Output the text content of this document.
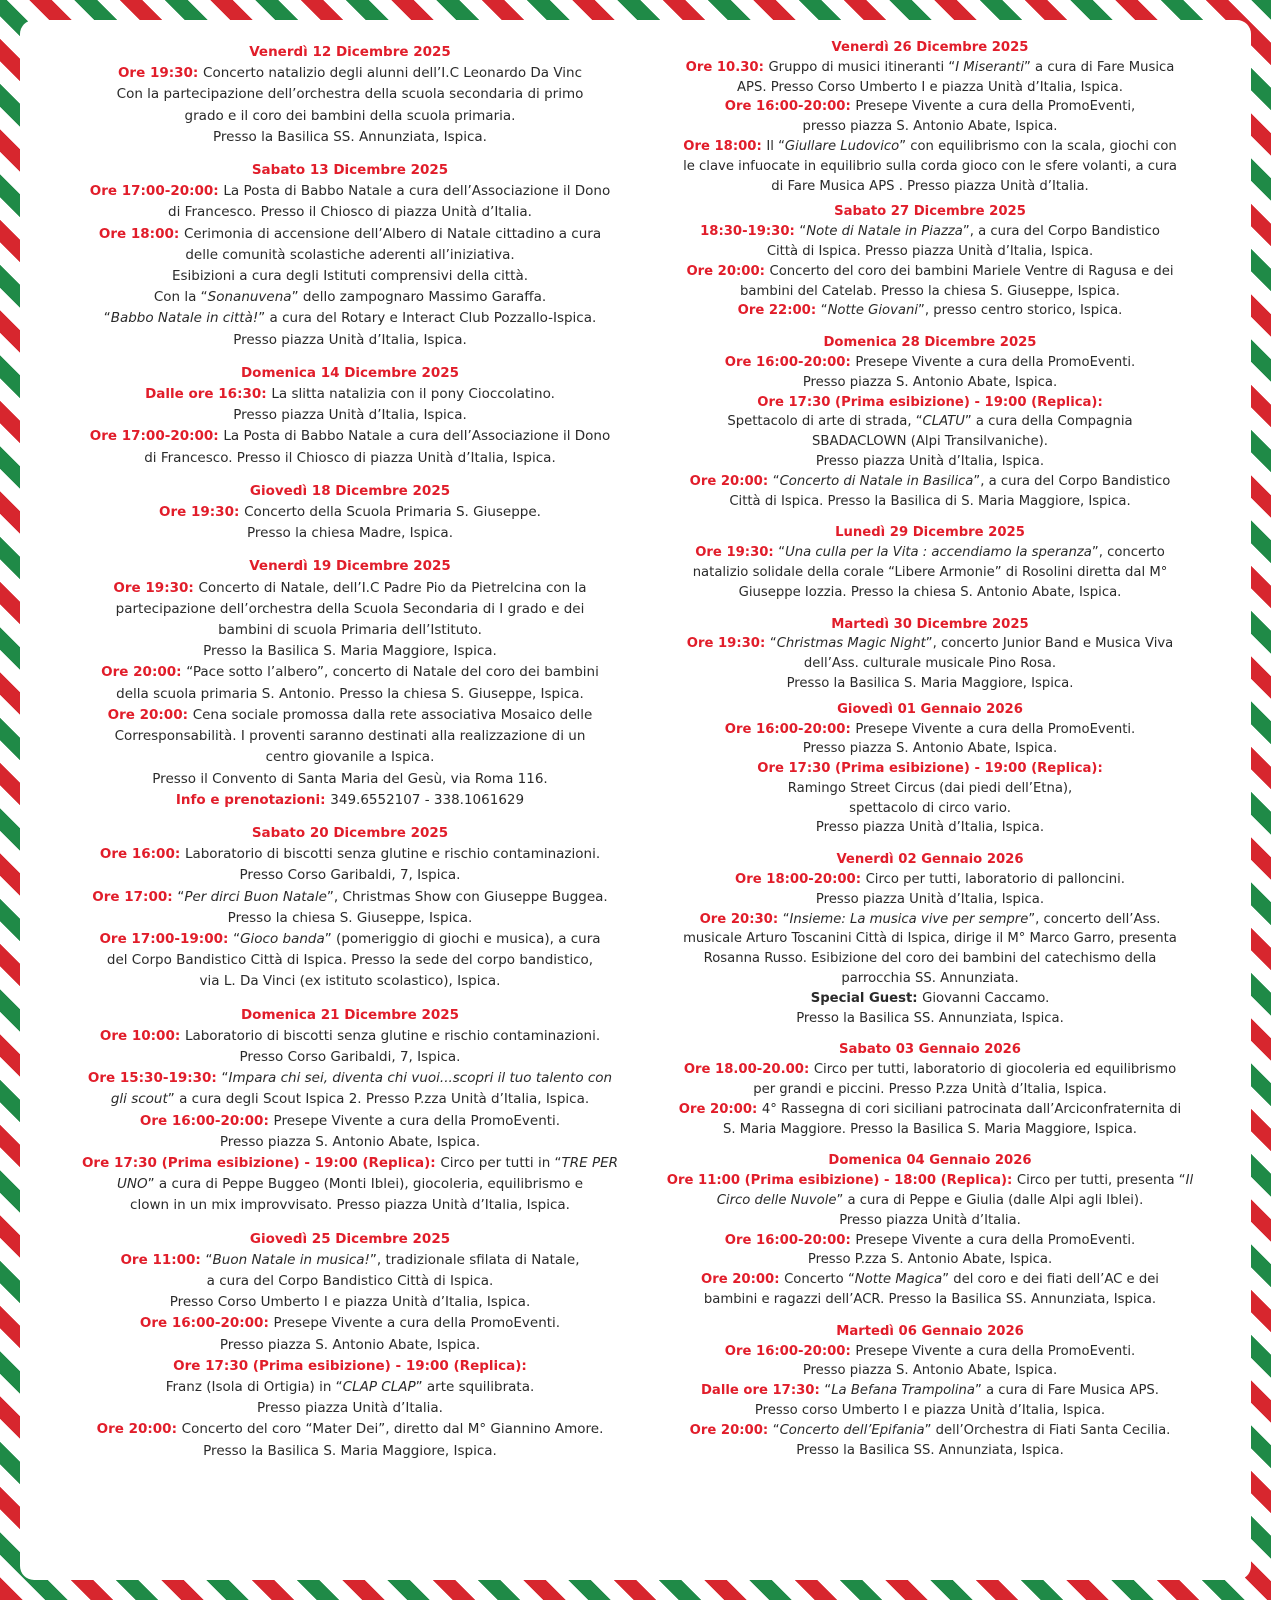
Venerdì 12 Dicembre 2025
Ore 19:30: Concerto natalizio degli alunni dell’I.C Leonardo Da Vinc
Con la partecipazione dell’orchestra della scuola secondaria di primo
grado e il coro dei bambini della scuola primaria.
Presso la Basilica SS. Annunziata, Ispica.
Sabato 13 Dicembre 2025
Ore 17:00-20:00: La Posta di Babbo Natale a cura dell’Associazione il Dono
di Francesco. Presso il Chiosco di piazza Unità d’Italia.
Ore 18:00: Cerimonia di accensione dell’Albero di Natale cittadino a cura
delle comunità scolastiche aderenti all’iniziativa.
Esibizioni a cura degli Istituti comprensivi della città.
Con la “Sonanuvena” dello zampognaro Massimo Garaffa.
“Babbo Natale in città!” a cura del Rotary e Interact Club Pozzallo-Ispica.
Presso piazza Unità d’Italia, Ispica.
Domenica 14 Dicembre 2025
Dalle ore 16:30: La slitta natalizia con il pony Cioccolatino.
Presso piazza Unità d’Italia, Ispica.
Ore 17:00-20:00: La Posta di Babbo Natale a cura dell’Associazione il Dono
di Francesco. Presso il Chiosco di piazza Unità d’Italia, Ispica.
Giovedì 18 Dicembre 2025
Ore 19:30: Concerto della Scuola Primaria S. Giuseppe.
Presso la chiesa Madre, Ispica.
Venerdì 19 Dicembre 2025
Ore 19:30: Concerto di Natale, dell’I.C Padre Pio da Pietrelcina con la
partecipazione dell’orchestra della Scuola Secondaria di I grado e dei
bambini di scuola Primaria dell’Istituto.
Presso la Basilica S. Maria Maggiore, Ispica.
Ore 20:00: “Pace sotto l’albero”, concerto di Natale del coro dei bambini
della scuola primaria S. Antonio. Presso la chiesa S. Giuseppe, Ispica.
Ore 20:00: Cena sociale promossa dalla rete associativa Mosaico delle
Corresponsabilità. I proventi saranno destinati alla realizzazione di un
centro giovanile a Ispica.
Presso il Convento di Santa Maria del Gesù, via Roma 116.
Info e prenotazioni: 349.6552107 - 338.1061629
Sabato 20 Dicembre 2025
Ore 16:00: Laboratorio di biscotti senza glutine e rischio contaminazioni.
Presso Corso Garibaldi, 7, Ispica.
Ore 17:00: “Per dirci Buon Natale”, Christmas Show con Giuseppe Buggea.
Presso la chiesa S. Giuseppe, Ispica.
Ore 17:00-19:00: “Gioco banda” (pomeriggio di giochi e musica), a cura
del Corpo Bandistico Città di Ispica. Presso la sede del corpo bandistico,
via L. Da Vinci (ex istituto scolastico), Ispica.
Domenica 21 Dicembre 2025
Ore 10:00: Laboratorio di biscotti senza glutine e rischio contaminazioni.
Presso Corso Garibaldi, 7, Ispica.
Ore 15:30-19:30: “Impara chi sei, diventa chi vuoi...scopri il tuo talento con
gli scout” a cura degli Scout Ispica 2. Presso P.zza Unità d’Italia, Ispica.
Ore 16:00-20:00: Presepe Vivente a cura della PromoEventi.
Presso piazza S. Antonio Abate, Ispica.
Ore 17:30 (Prima esibizione) - 19:00 (Replica): Circo per tutti in “TRE PER
UNO” a cura di Peppe Buggeo (Monti Iblei), giocoleria, equilibrismo e
clown in un mix improvvisato. Presso piazza Unità d’Italia, Ispica.
Giovedì 25 Dicembre 2025
Ore 11:00: “Buon Natale in musica!”, tradizionale sfilata di Natale,
a cura del Corpo Bandistico Città di Ispica.
Presso Corso Umberto I e piazza Unità d’Italia, Ispica.
Ore 16:00-20:00: Presepe Vivente a cura della PromoEventi.
Presso piazza S. Antonio Abate, Ispica.
Ore 17:30 (Prima esibizione) - 19:00 (Replica):
Franz (Isola di Ortigia) in “CLAP CLAP” arte squilibrata.
Presso piazza Unità d’Italia.
Ore 20:00: Concerto del coro “Mater Dei”, diretto dal M° Giannino Amore.
Presso la Basilica S. Maria Maggiore, Ispica.
Venerdì 26 Dicembre 2025
Ore 10.30: Gruppo di musici itineranti “I Miseranti” a cura di Fare Musica
APS. Presso Corso Umberto I e piazza Unità d’Italia, Ispica.
Ore 16:00-20:00: Presepe Vivente a cura della PromoEventi,
presso piazza S. Antonio Abate, Ispica.
Ore 18:00: Il “Giullare Ludovico” con equilibrismo con la scala, giochi con
le clave infuocate in equilibrio sulla corda gioco con le sfere volanti, a cura
di Fare Musica APS . Presso piazza Unità d’Italia.
Sabato 27 Dicembre 2025
18:30-19:30: “Note di Natale in Piazza”, a cura del Corpo Bandistico
Città di Ispica. Presso piazza Unità d’Italia, Ispica.
Ore 20:00: Concerto del coro dei bambini Mariele Ventre di Ragusa e dei
bambini del Catelab. Presso la chiesa S. Giuseppe, Ispica.
Ore 22:00: “Notte Giovani”, presso centro storico, Ispica.
Domenica 28 Dicembre 2025
Ore 16:00-20:00: Presepe Vivente a cura della PromoEventi.
Presso piazza S. Antonio Abate, Ispica.
Ore 17:30 (Prima esibizione) - 19:00 (Replica):
Spettacolo di arte di strada, “CLATU” a cura della Compagnia
SBADACLOWN (Alpi Transilvaniche).
Presso piazza Unità d’Italia, Ispica.
Ore 20:00: “Concerto di Natale in Basilica”, a cura del Corpo Bandistico
Città di Ispica. Presso la Basilica di S. Maria Maggiore, Ispica.
Lunedì 29 Dicembre 2025
Ore 19:30: “Una culla per la Vita : accendiamo la speranza”, concerto
natalizio solidale della corale “Libere Armonie” di Rosolini diretta dal M°
Giuseppe Iozzia. Presso la chiesa S. Antonio Abate, Ispica.
Martedì 30 Dicembre 2025
Ore 19:30: “Christmas Magic Night”, concerto Junior Band e Musica Viva
dell’Ass. culturale musicale Pino Rosa.
Presso la Basilica S. Maria Maggiore, Ispica.
Giovedì 01 Gennaio 2026
Ore 16:00-20:00: Presepe Vivente a cura della PromoEventi.
Presso piazza S. Antonio Abate, Ispica.
Ore 17:30 (Prima esibizione) - 19:00 (Replica):
Ramingo Street Circus (dai piedi dell’Etna),
spettacolo di circo vario.
Presso piazza Unità d’Italia, Ispica.
Venerdì 02 Gennaio 2026
Ore 18:00-20:00: Circo per tutti, laboratorio di palloncini.
Presso piazza Unità d’Italia, Ispica.
Ore 20:30: “Insieme: La musica vive per sempre”, concerto dell’Ass.
musicale Arturo Toscanini Città di Ispica, dirige il M° Marco Garro, presenta
Rosanna Russo. Esibizione del coro dei bambini del catechismo della
parrocchia SS. Annunziata.
Special Guest: Giovanni Caccamo.
Presso la Basilica SS. Annunziata, Ispica.
Sabato 03 Gennaio 2026
Ore 18.00-20.00: Circo per tutti, laboratorio di giocoleria ed equilibrismo
per grandi e piccini. Presso P.zza Unità d’Italia, Ispica.
Ore 20:00: 4° Rassegna di cori siciliani patrocinata dall’Arciconfraternita di
S. Maria Maggiore. Presso la Basilica S. Maria Maggiore, Ispica.
Domenica 04 Gennaio 2026
Ore 11:00 (Prima esibizione) - 18:00 (Replica): Circo per tutti, presenta “Il
Circo delle Nuvole” a cura di Peppe e Giulia (dalle Alpi agli Iblei).
Presso piazza Unità d’Italia.
Ore 16:00-20:00: Presepe Vivente a cura della PromoEventi.
Presso P.zza S. Antonio Abate, Ispica.
Ore 20:00: Concerto “Notte Magica” del coro e dei fiati dell’AC e dei
bambini e ragazzi dell’ACR. Presso la Basilica SS. Annunziata, Ispica.
Martedì 06 Gennaio 2026
Ore 16:00-20:00: Presepe Vivente a cura della PromoEventi.
Presso piazza S. Antonio Abate, Ispica.
Dalle ore 17:30: “La Befana Trampolina” a cura di Fare Musica APS.
Presso corso Umberto I e piazza Unità d’Italia, Ispica.
Ore 20:00: “Concerto dell’Epifania” dell’Orchestra di Fiati Santa Cecilia.
Presso la Basilica SS. Annunziata, Ispica.
